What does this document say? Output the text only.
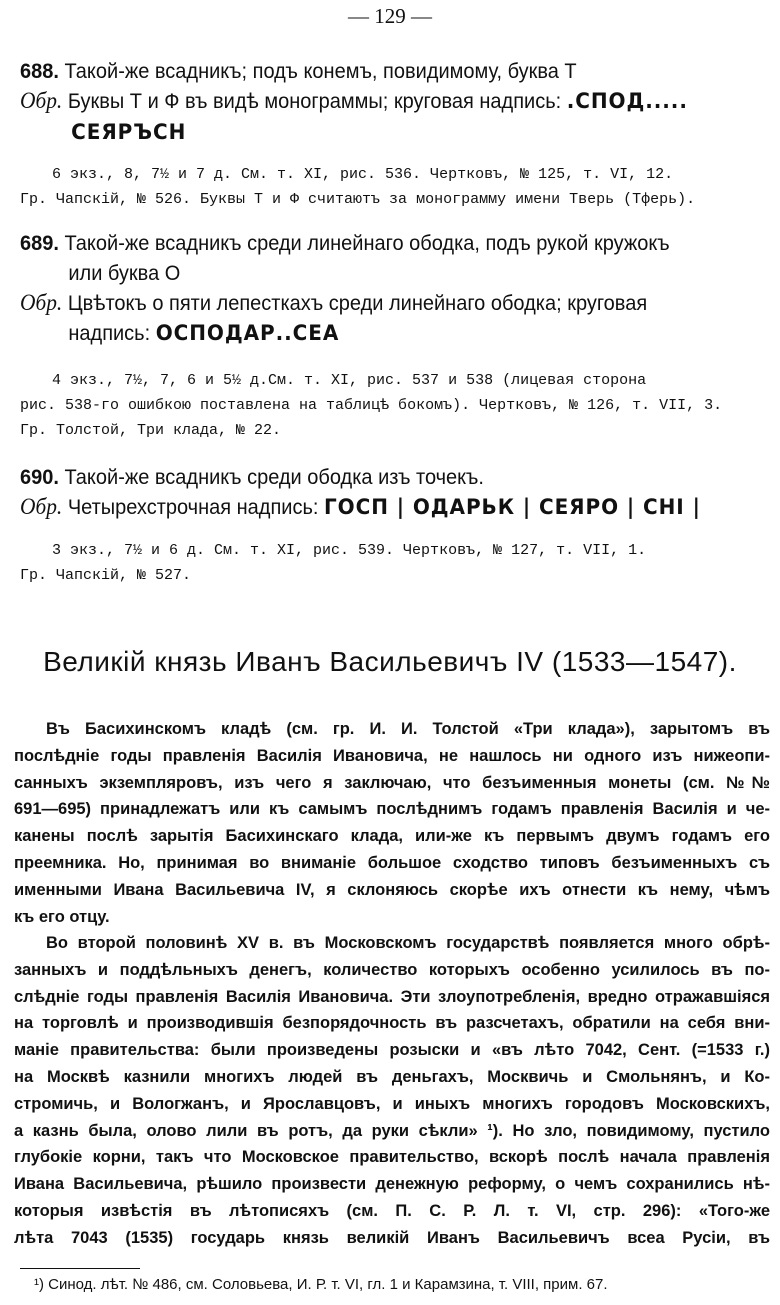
— 129 —
688. Такой-же всадникъ; подъ конемъ, повидимому, буква Т
Обр. Буквы Т и Ф въ видѣ монограммы; круговая надпись: .СПОД.....
СЕЯРЪСН
6 экз., 8, 7½ и 7 д. См. т. XI, рис. 536. Чертковъ, № 125, т. VI, 12.
Гр. Чапскій, № 526. Буквы Т и Ф считаютъ за монограмму имени Тверь (Тферь).
689. Такой-же всадникъ среди линейнаго ободка, подъ рукой кружокъ
или буква О
Обр. Цвѣтокъ о пяти лепесткахъ среди линейнаго ободка; круговая
надпись: ОСПОДАР..СЕА
4 экз., 7½, 7, 6 и 5½ д.См. т. XI, рис. 537 и 538 (лицевая сторона
рис. 538-го ошибкою поставлена на таблицѣ бокомъ). Чертковъ, № 126, т. VII, 3.
Гр. Толстой, Три клада, № 22.
690. Такой-же всадникъ среди ободка изъ точекъ.
Обр. Четырехстрочная надпись: ГОСП | ОДАРЬК | СЕЯРО | СНІ |
3 экз., 7½ и 6 д. См. т. XI, рис. 539. Чертковъ, № 127, т. VII, 1.
Гр. Чапскій, № 527.
Великій князь Иванъ Васильевичъ IV (1533—1547).
Въ Басихинскомъ кладѣ (см. гр. И. И. Толстой «Три клада»), зарытомъ въ
послѣдніе годы правленія Василія Ивановича, не нашлось ни одного изъ нижеопи-
санныхъ экземпляровъ, изъ чего я заключаю, что безъименныя монеты (см. №№
691—695) принадлежатъ или къ самымъ послѣднимъ годамъ правленія Василія и че-
канены послѣ зарытія Басихинскаго клада, или-же къ первымъ двумъ годамъ его
преемника. Но, принимая во вниманіе большое сходство типовъ безъименныхъ съ
именными Ивана Васильевича IV, я склоняюсь скорѣе ихъ отнести къ нему, чѣмъ
къ его отцу.
Во второй половинѣ XV в. въ Московскомъ государствѣ появляется много обрѣ-
занныхъ и поддѣльныхъ денегъ, количество которыхъ особенно усилилось въ по-
слѣдніе годы правленія Василія Ивановича. Эти злоупотребленія, вредно отражавшіяся
на торговлѣ и производившія безпорядочность въ разсчетахъ, обратили на себя вни-
маніе правительства: были произведены розыски и «въ лѣто 7042, Сент. (=1533 г.)
на Москвѣ казнили многихъ людей въ деньгахъ, Москвичь и Смольнянъ, и Ко-
стромичь, и Вологжанъ, и Ярославцовъ, и иныхъ многихъ городовъ Московскихъ,
а казнь была, олово лили въ ротъ, да руки сѣкли» ¹). Но зло, повидимому, пустило
глубокіе корни, такъ что Московское правительство, вскорѣ послѣ начала правленія
Ивана Васильевича, рѣшило произвести денежную реформу, о чемъ сохранились нѣ-
которыя извѣстія въ лѣтописяхъ (см. П. С. Р. Л. т. VI, стр. 296): «Того-же
лѣта 7043 (1535) государь князь великій Иванъ Васильевичъ всеа Русіи, въ
¹) Синод. лѣт. № 486, см. Соловьева, И. Р. т. VI, гл. 1 и Карамзина, т. VIII, прим. 67.
